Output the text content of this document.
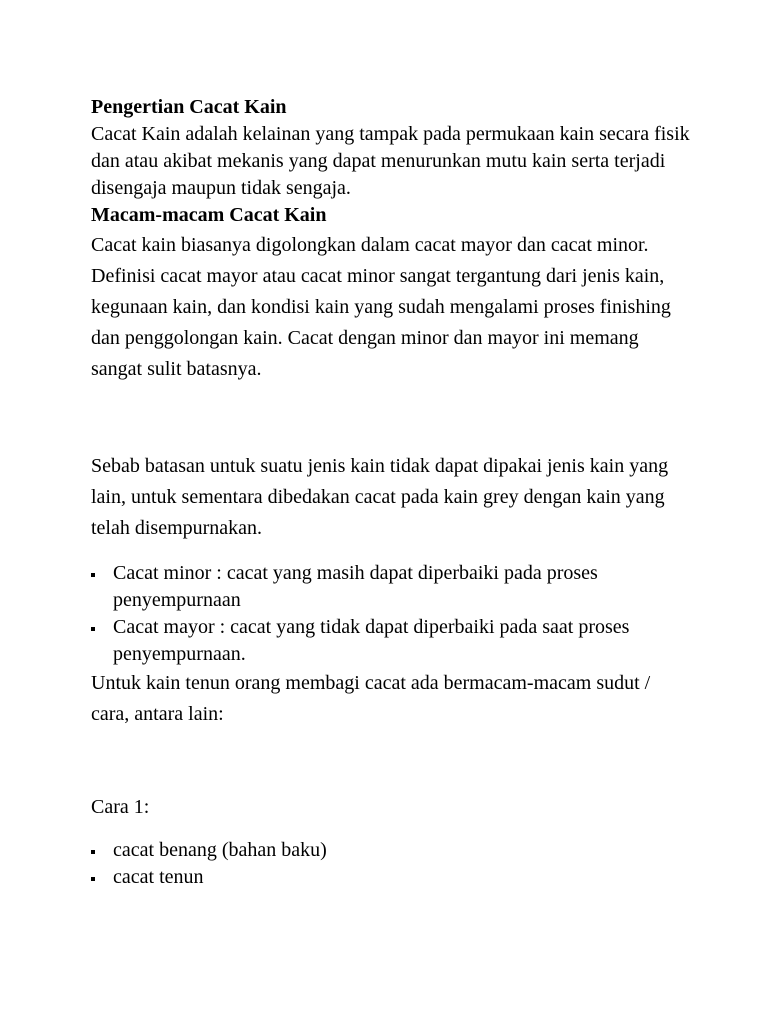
Pengertian Cacat Kain

Cacat Kain adalah kelainan yang tampak pada permukaan kain secara fisik dan atau akibat mekanis yang dapat menurunkan mutu kain serta terjadi disengaja maupun tidak sengaja.

Macam-macam Cacat Kain

Cacat kain biasanya digolongkan dalam cacat mayor dan cacat minor. Definisi cacat mayor atau cacat minor sangat tergantung dari jenis kain, kegunaan kain, dan kondisi kain yang sudah mengalami proses finishing dan penggolongan kain. Cacat dengan minor dan mayor ini memang sangat sulit batasnya.

Sebab batasan untuk suatu jenis kain tidak dapat dipakai jenis kain yang lain, untuk sementara dibedakan cacat pada kain grey dengan kain yang telah disempurnakan.

Cacat minor : cacat yang masih dapat diperbaiki pada proses penyempurnaan
Cacat mayor : cacat yang tidak dapat diperbaiki pada saat proses penyempurnaan.

Untuk kain tenun orang membagi cacat ada bermacam-macam sudut / cara, antara lain:

Cara 1:

cacat benang (bahan baku)
cacat tenun
